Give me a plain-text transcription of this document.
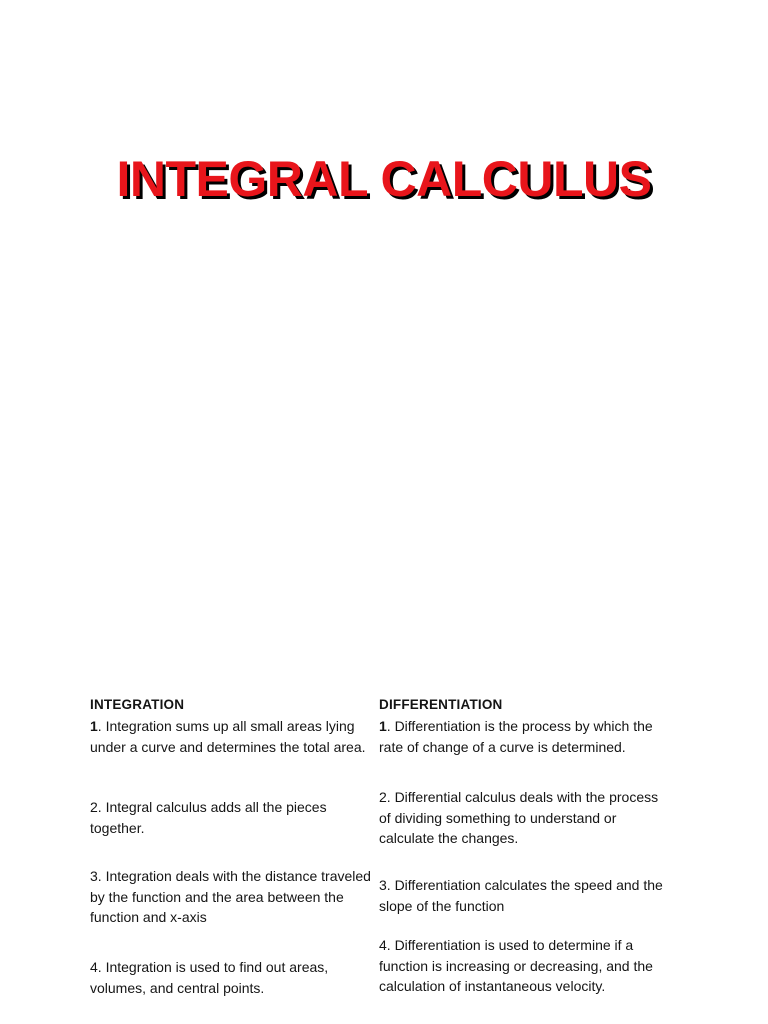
INTEGRAL CALCULUS

INTEGRATION

1. Integration sums up all small areas lying under a curve and determines the total area.

2. Integral calculus adds all the pieces together.

3. Integration deals with the distance traveled by the function and the area between the function and x-axis

4. Integration is used to find out areas, volumes, and central points.

DIFFERENTIATION

1. Differentiation is the process by which the rate of change of a curve is determined.

2. Differential calculus deals with the process of dividing something to understand or calculate the changes.

3. Differentiation calculates the speed and the slope of the function

4. Differentiation is used to determine if a function is increasing or decreasing, and the calculation of instantaneous velocity.
